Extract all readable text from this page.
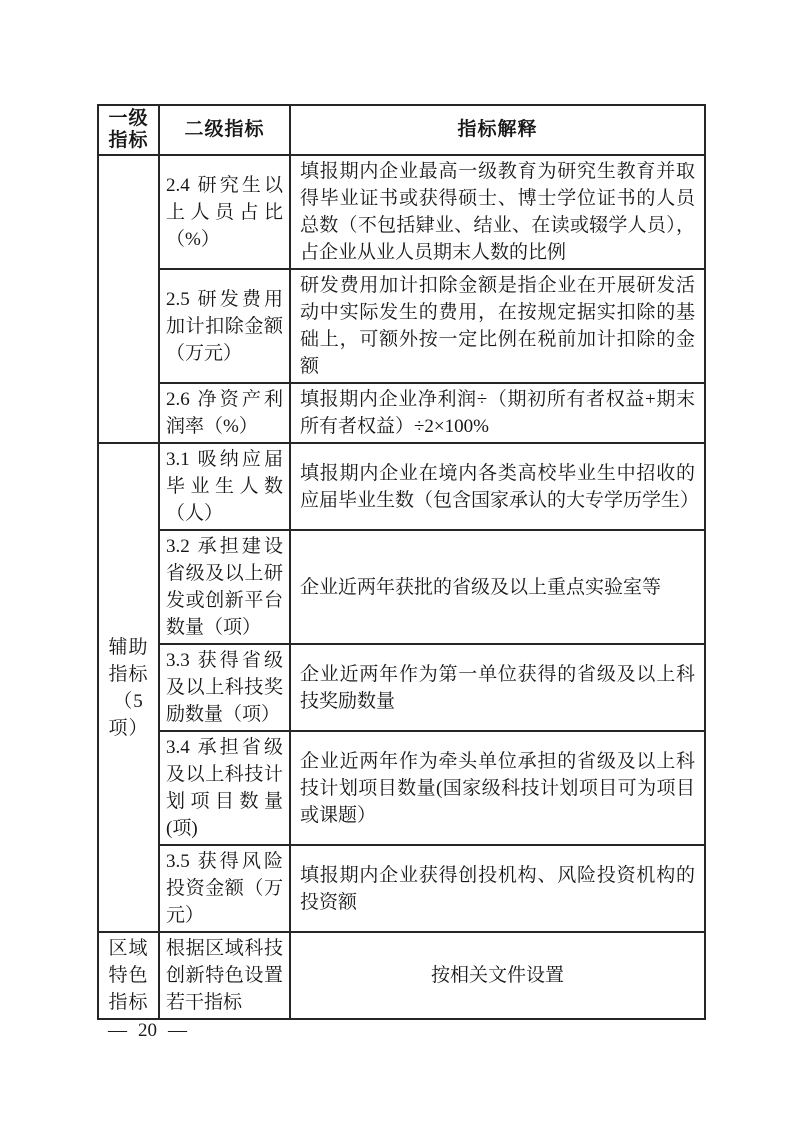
一级指标	二级指标	指标解释
	2.4 研究生以上人员占比（%）	填报期内企业最高一级教育为研究生教育并取得毕业证书或获得硕士、博士学位证书的人员总数（不包括肄业、结业、在读或辍学人员），占企业从业人员期末人数的比例
	2.5 研发费用加计扣除金额（万元）	研发费用加计扣除金额是指企业在开展研发活动中实际发生的费用，在按规定据实扣除的基础上，可额外按一定比例在税前加计扣除的金额
	2.6 净资产利润率（%）	填报期内企业净利润÷（期初所有者权益+期末所有者权益）÷2×100%
辅助指标（5项）	3.1 吸纳应届毕业生人数（人）	填报期内企业在境内各类高校毕业生中招收的应届毕业生数（包含国家承认的大专学历学生）
	3.2 承担建设省级及以上研发或创新平台数量（项）	企业近两年获批的省级及以上重点实验室等
	3.3 获得省级及以上科技奖励数量（项）	企业近两年作为第一单位获得的省级及以上科技奖励数量
	3.4 承担省级及以上科技计划项目数量(项)	企业近两年作为牵头单位承担的省级及以上科技计划项目数量(国家级科技计划项目可为项目或课题）
	3.5 获得风险投资金额（万元）	填报期内企业获得创投机构、风险投资机构的投资额
区域特色指标	根据区域科技创新特色设置若干指标	按相关文件设置
— 20 —
